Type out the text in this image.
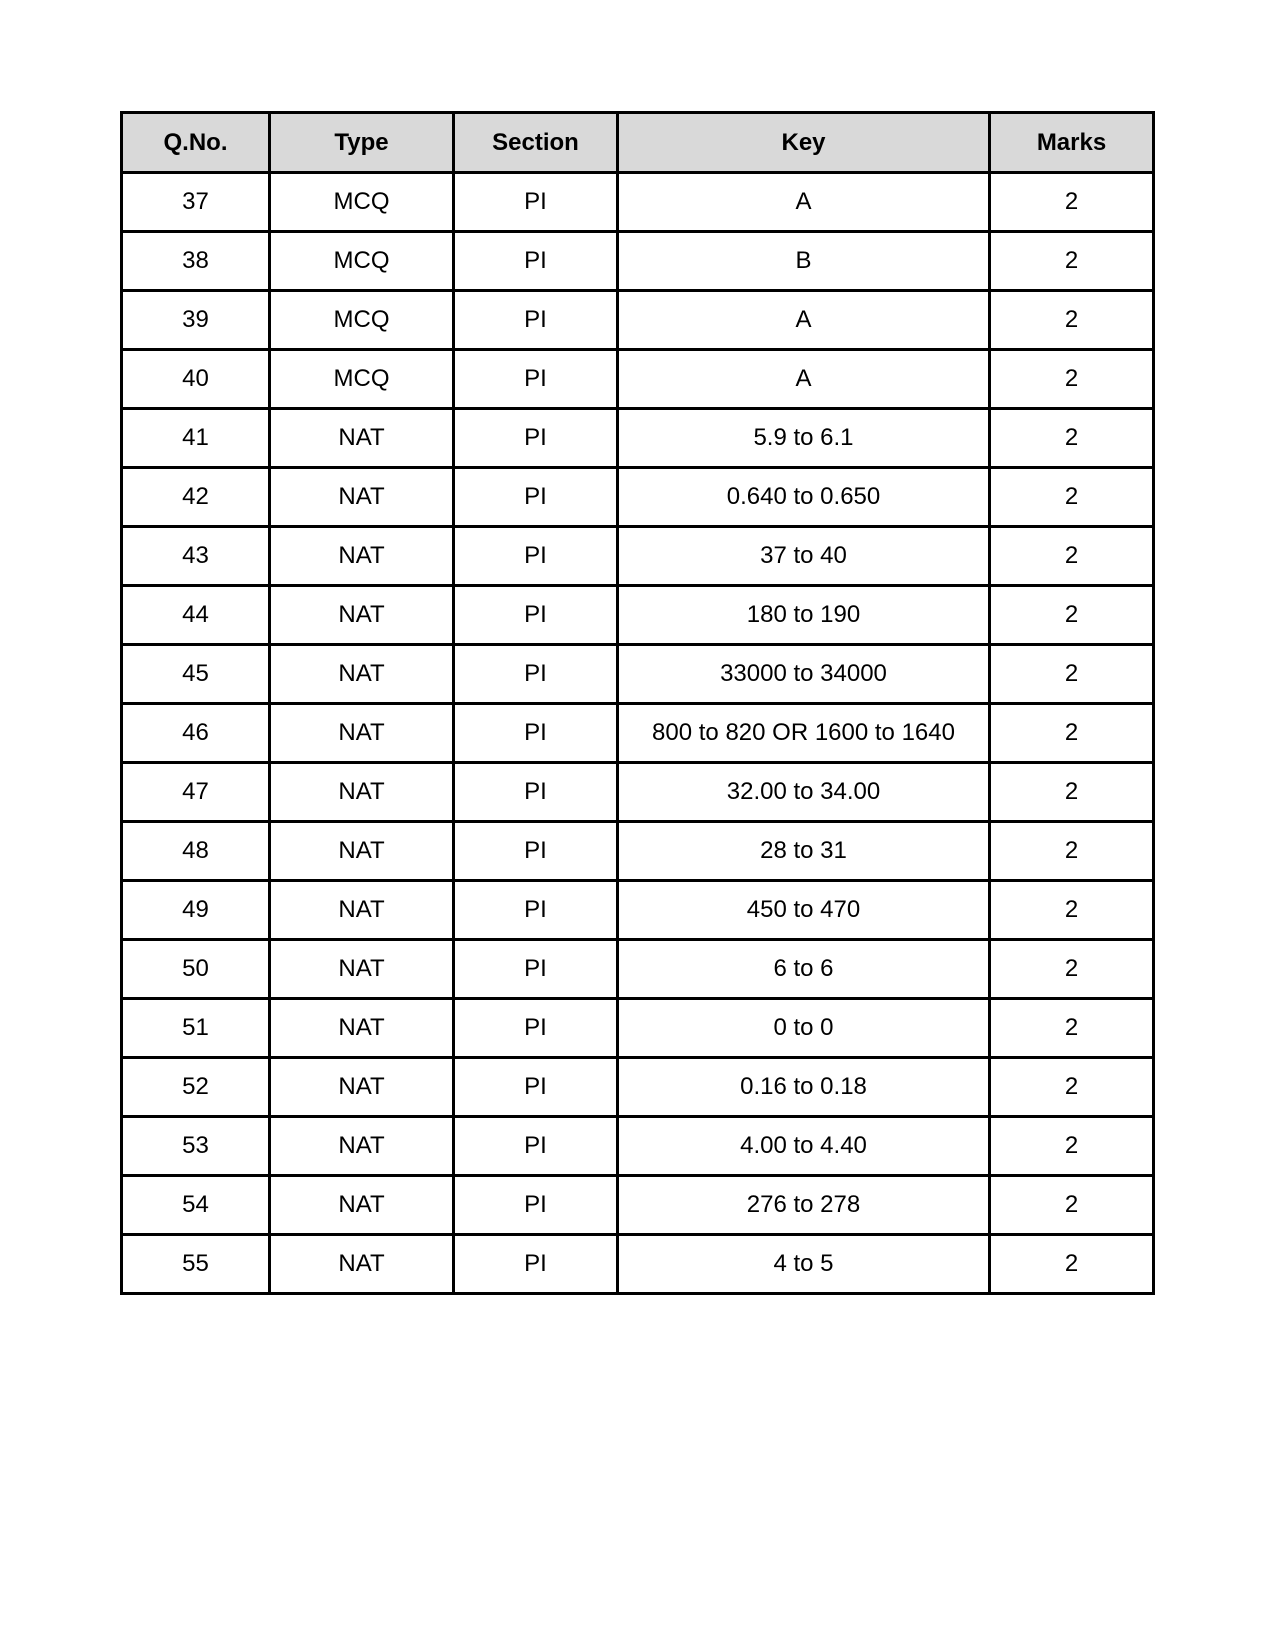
Q.No.	Type	Section	Key	Marks
37	MCQ	PI	A	2
38	MCQ	PI	B	2
39	MCQ	PI	A	2
40	MCQ	PI	A	2
41	NAT	PI	5.9 to 6.1	2
42	NAT	PI	0.640 to 0.650	2
43	NAT	PI	37 to 40	2
44	NAT	PI	180 to 190	2
45	NAT	PI	33000 to 34000	2
46	NAT	PI	800 to 820 OR 1600 to 1640	2
47	NAT	PI	32.00 to 34.00	2
48	NAT	PI	28 to 31	2
49	NAT	PI	450 to 470	2
50	NAT	PI	6 to 6	2
51	NAT	PI	0 to 0	2
52	NAT	PI	0.16 to 0.18	2
53	NAT	PI	4.00 to 4.40	2
54	NAT	PI	276 to 278	2
55	NAT	PI	4 to 5	2
